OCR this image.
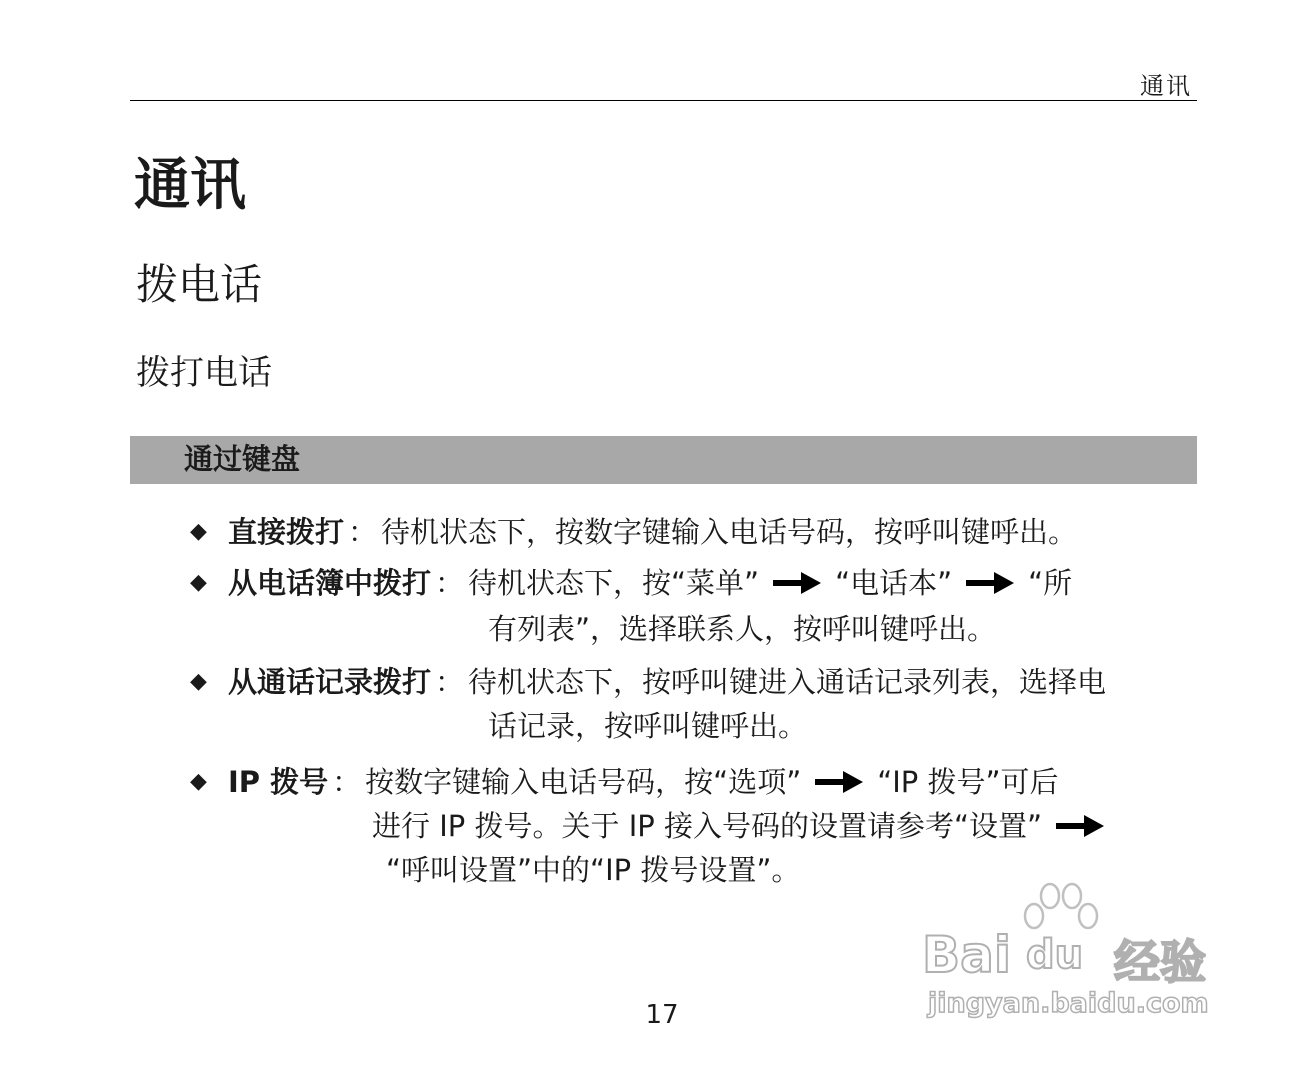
通讯
通讯
拨电话
拨打电话
通过键盘
◆ 直接拨打 ： 待机状态下，按数字键输入电话号码，按呼叫键呼出。
◆ 从电话簿中拨打 ： 待机状态下，按“菜单”	“电话本”	“所
有列表”，选择联系人，按呼叫键呼出。
◆ 从通话记录拨打 ： 待机状态下，按呼叫键进入通话记录列表，选择电
话记录，按呼叫键呼出。
◆ IP 拨号 ： 按数字键输入电话号码，按“选项”	“IP 拨号”可后
进行 IP 拨号。关于 IP 接入号码的设置请参考“设置”
“呼叫设置”中的“IP 拨号设置”。
17
Bai du 经验
jingyan.baidu.com
